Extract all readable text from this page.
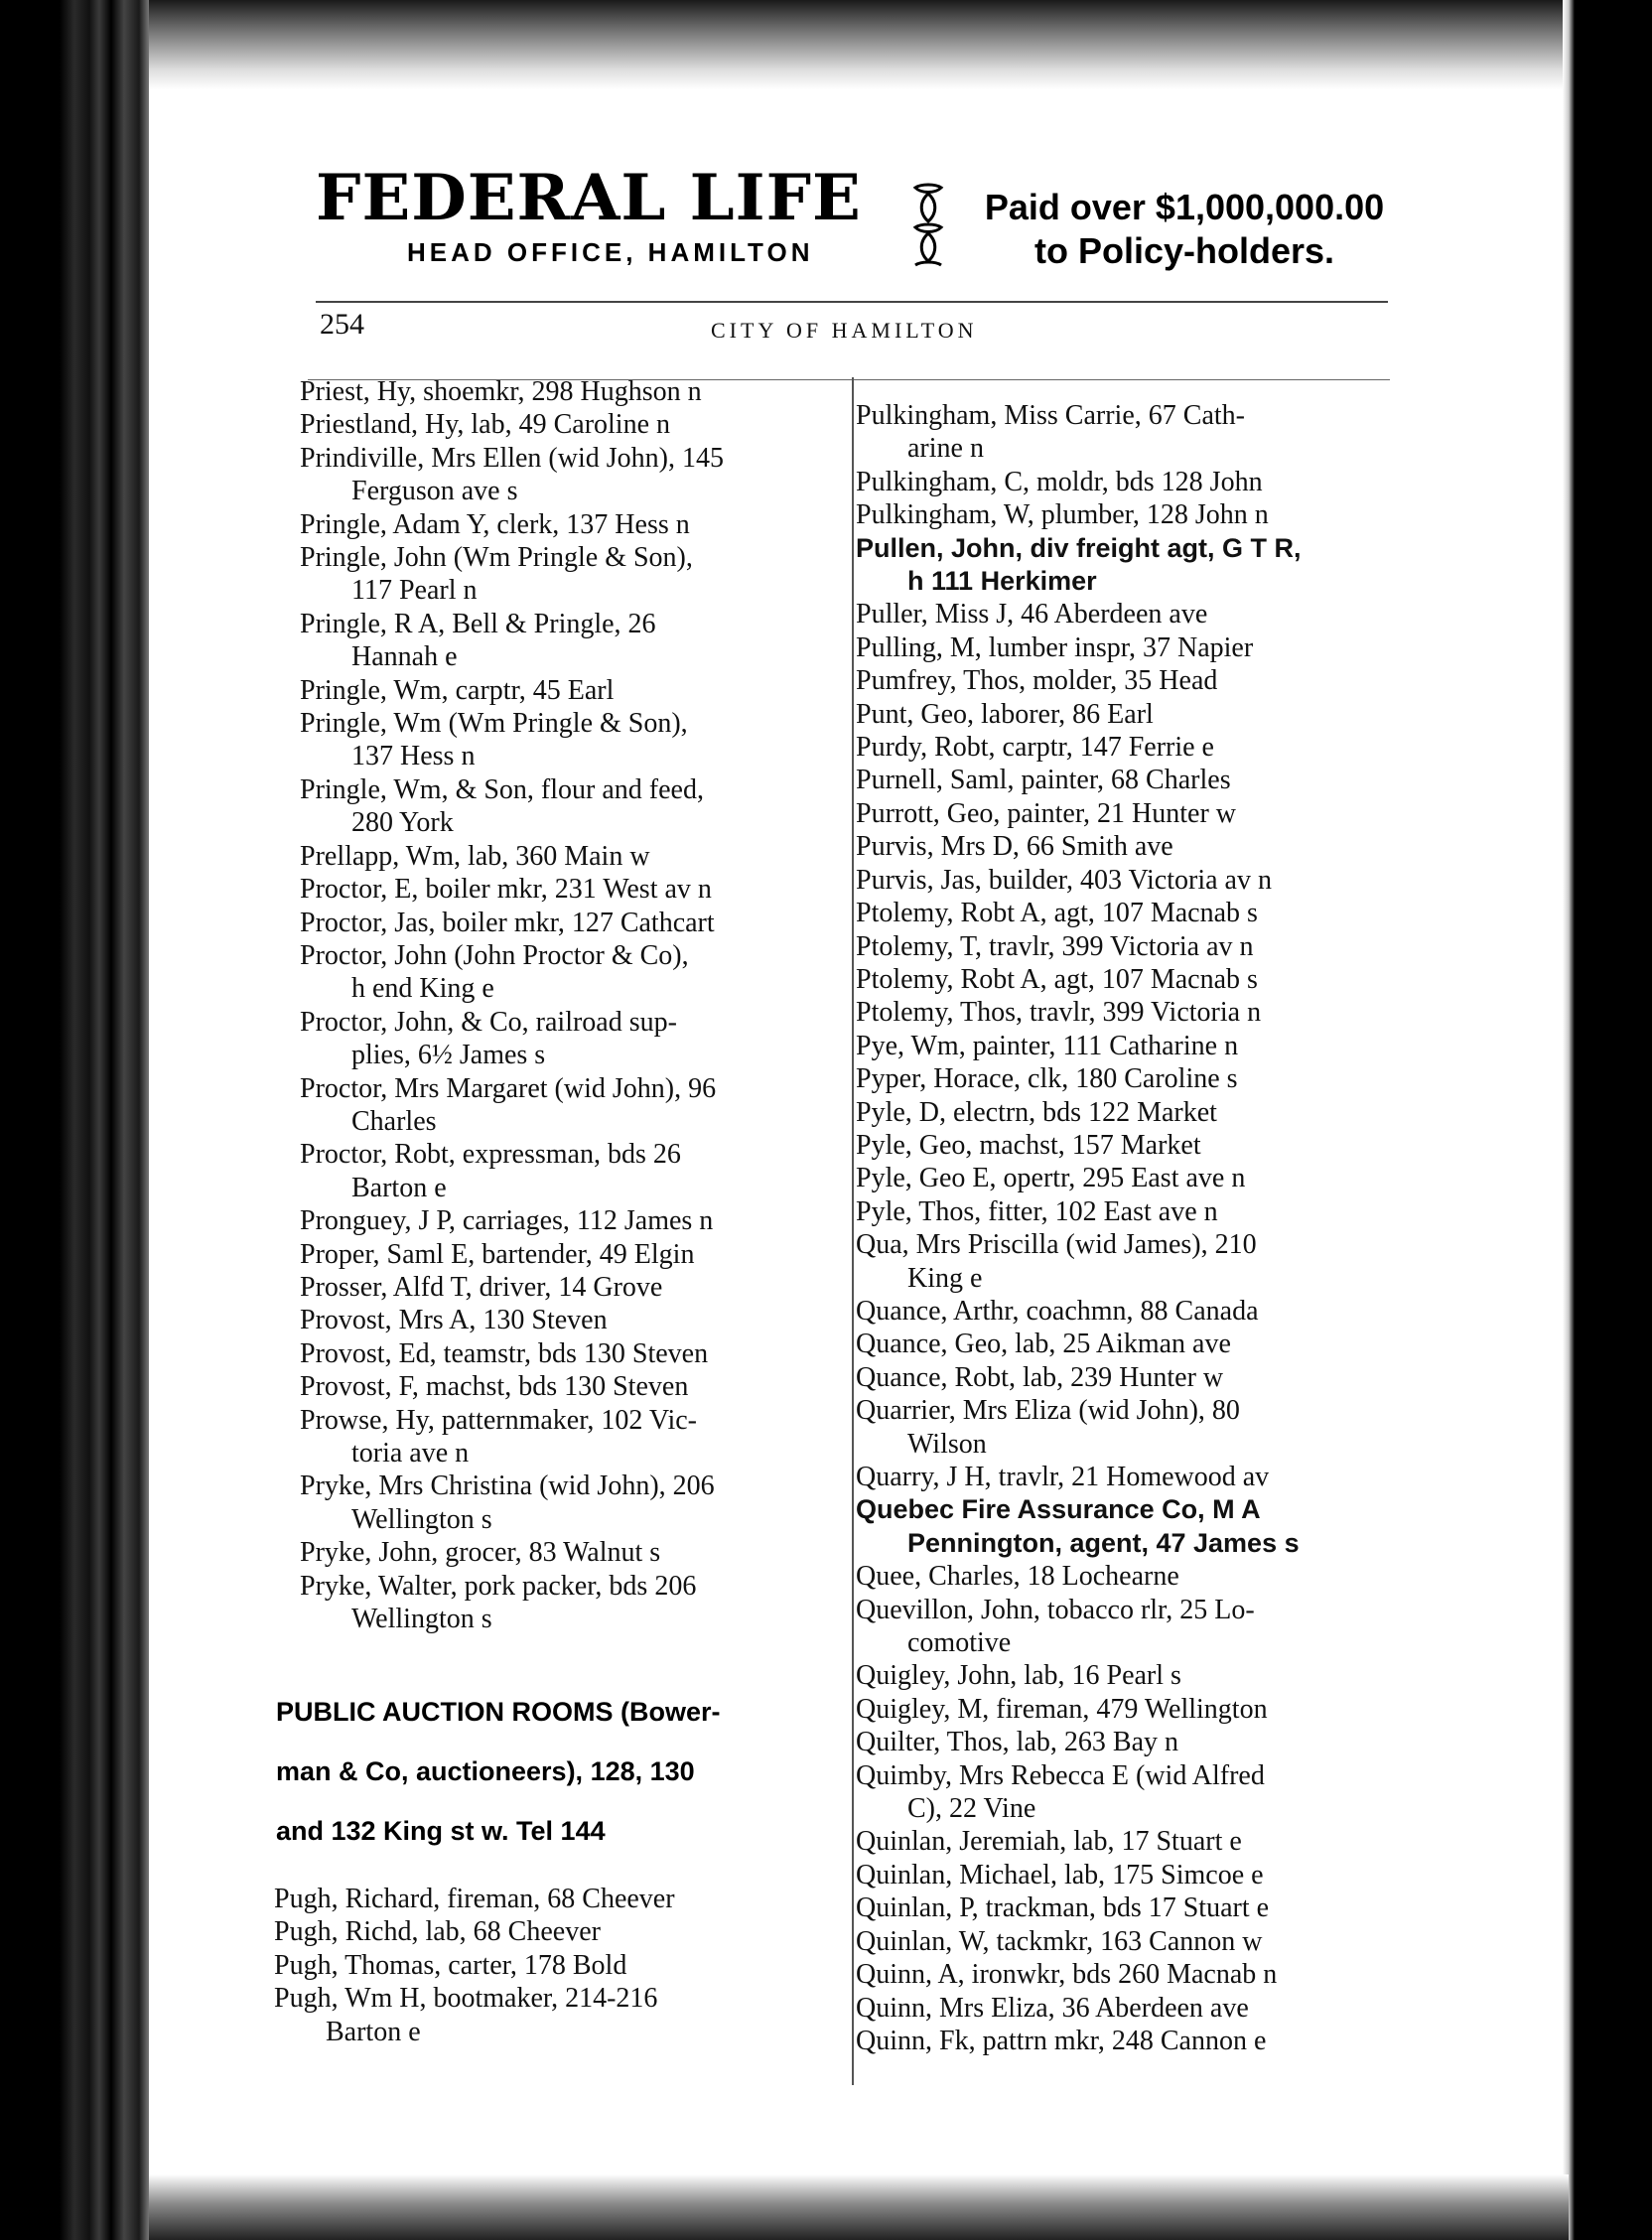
FEDERAL LIFE
HEAD OFFICE, HAMILTON
Paid over $1,000,000.00
to Policy-holders.
254	CITY OF HAMILTON
Priest, Hy, shoemkr, 298 Hughson n
Priestland, Hy, lab, 49 Caroline n
Prindiville, Mrs Ellen (wid John), 145
Ferguson ave s
Pringle, Adam Y, clerk, 137 Hess n
Pringle, John (Wm Pringle & Son),
117 Pearl n
Pringle, R A, Bell & Pringle, 26
Hannah e
Pringle, Wm, carptr, 45 Earl
Pringle, Wm (Wm Pringle & Son),
137 Hess n
Pringle, Wm, & Son, flour and feed,
280 York
Prellapp, Wm, lab, 360 Main w
Proctor, E, boiler mkr, 231 West av n
Proctor, Jas, boiler mkr, 127 Cathcart
Proctor, John (John Proctor & Co),
h end King e
Proctor, John, & Co, railroad sup-
plies, 6½ James s
Proctor, Mrs Margaret (wid John), 96
Charles
Proctor, Robt, expressman, bds 26
Barton e
Pronguey, J P, carriages, 112 James n
Proper, Saml E, bartender, 49 Elgin
Prosser, Alfd T, driver, 14 Grove
Provost, Mrs A, 130 Steven
Provost, Ed, teamstr, bds 130 Steven
Provost, F, machst, bds 130 Steven
Prowse, Hy, patternmaker, 102 Vic-
toria ave n
Pryke, Mrs Christina (wid John), 206
Wellington s
Pryke, John, grocer, 83 Walnut s
Pryke, Walter, pork packer, bds 206
Wellington s
PUBLIC AUCTION ROOMS (Bower-
man & Co, auctioneers), 128, 130
and 132 King st w. Tel 144
Pugh, Richard, fireman, 68 Cheever
Pugh, Richd, lab, 68 Cheever
Pugh, Thomas, carter, 178 Bold
Pugh, Wm H, bootmaker, 214-216
Barton e
Pulkingham, Miss Carrie, 67 Cath-
arine n
Pulkingham, C, moldr, bds 128 John
Pulkingham, W, plumber, 128 John n
Pullen, John, div freight agt, G T R,
h 111 Herkimer
Puller, Miss J, 46 Aberdeen ave
Pulling, M, lumber inspr, 37 Napier
Pumfrey, Thos, molder, 35 Head
Punt, Geo, laborer, 86 Earl
Purdy, Robt, carptr, 147 Ferrie e
Purnell, Saml, painter, 68 Charles
Purrott, Geo, painter, 21 Hunter w
Purvis, Mrs D, 66 Smith ave
Purvis, Jas, builder, 403 Victoria av n
Ptolemy, Robt A, agt, 107 Macnab s
Ptolemy, T, travlr, 399 Victoria av n
Ptolemy, Robt A, agt, 107 Macnab s
Ptolemy, Thos, travlr, 399 Victoria n
Pye, Wm, painter, 111 Catharine n
Pyper, Horace, clk, 180 Caroline s
Pyle, D, electrn, bds 122 Market
Pyle, Geo, machst, 157 Market
Pyle, Geo E, opertr, 295 East ave n
Pyle, Thos, fitter, 102 East ave n
Qua, Mrs Priscilla (wid James), 210
King e
Quance, Arthr, coachmn, 88 Canada
Quance, Geo, lab, 25 Aikman ave
Quance, Robt, lab, 239 Hunter w
Quarrier, Mrs Eliza (wid John), 80
Wilson
Quarry, J H, travlr, 21 Homewood av
Quebec Fire Assurance Co, M A
Pennington, agent, 47 James s
Quee, Charles, 18 Lochearne
Quevillon, John, tobacco rlr, 25 Lo-
comotive
Quigley, John, lab, 16 Pearl s
Quigley, M, fireman, 479 Wellington
Quilter, Thos, lab, 263 Bay n
Quimby, Mrs Rebecca E (wid Alfred
C), 22 Vine
Quinlan, Jeremiah, lab, 17 Stuart e
Quinlan, Michael, lab, 175 Simcoe e
Quinlan, P, trackman, bds 17 Stuart e
Quinlan, W, tackmkr, 163 Cannon w
Quinn, A, ironwkr, bds 260 Macnab n
Quinn, Mrs Eliza, 36 Aberdeen ave
Quinn, Fk, pattrn mkr, 248 Cannon e
